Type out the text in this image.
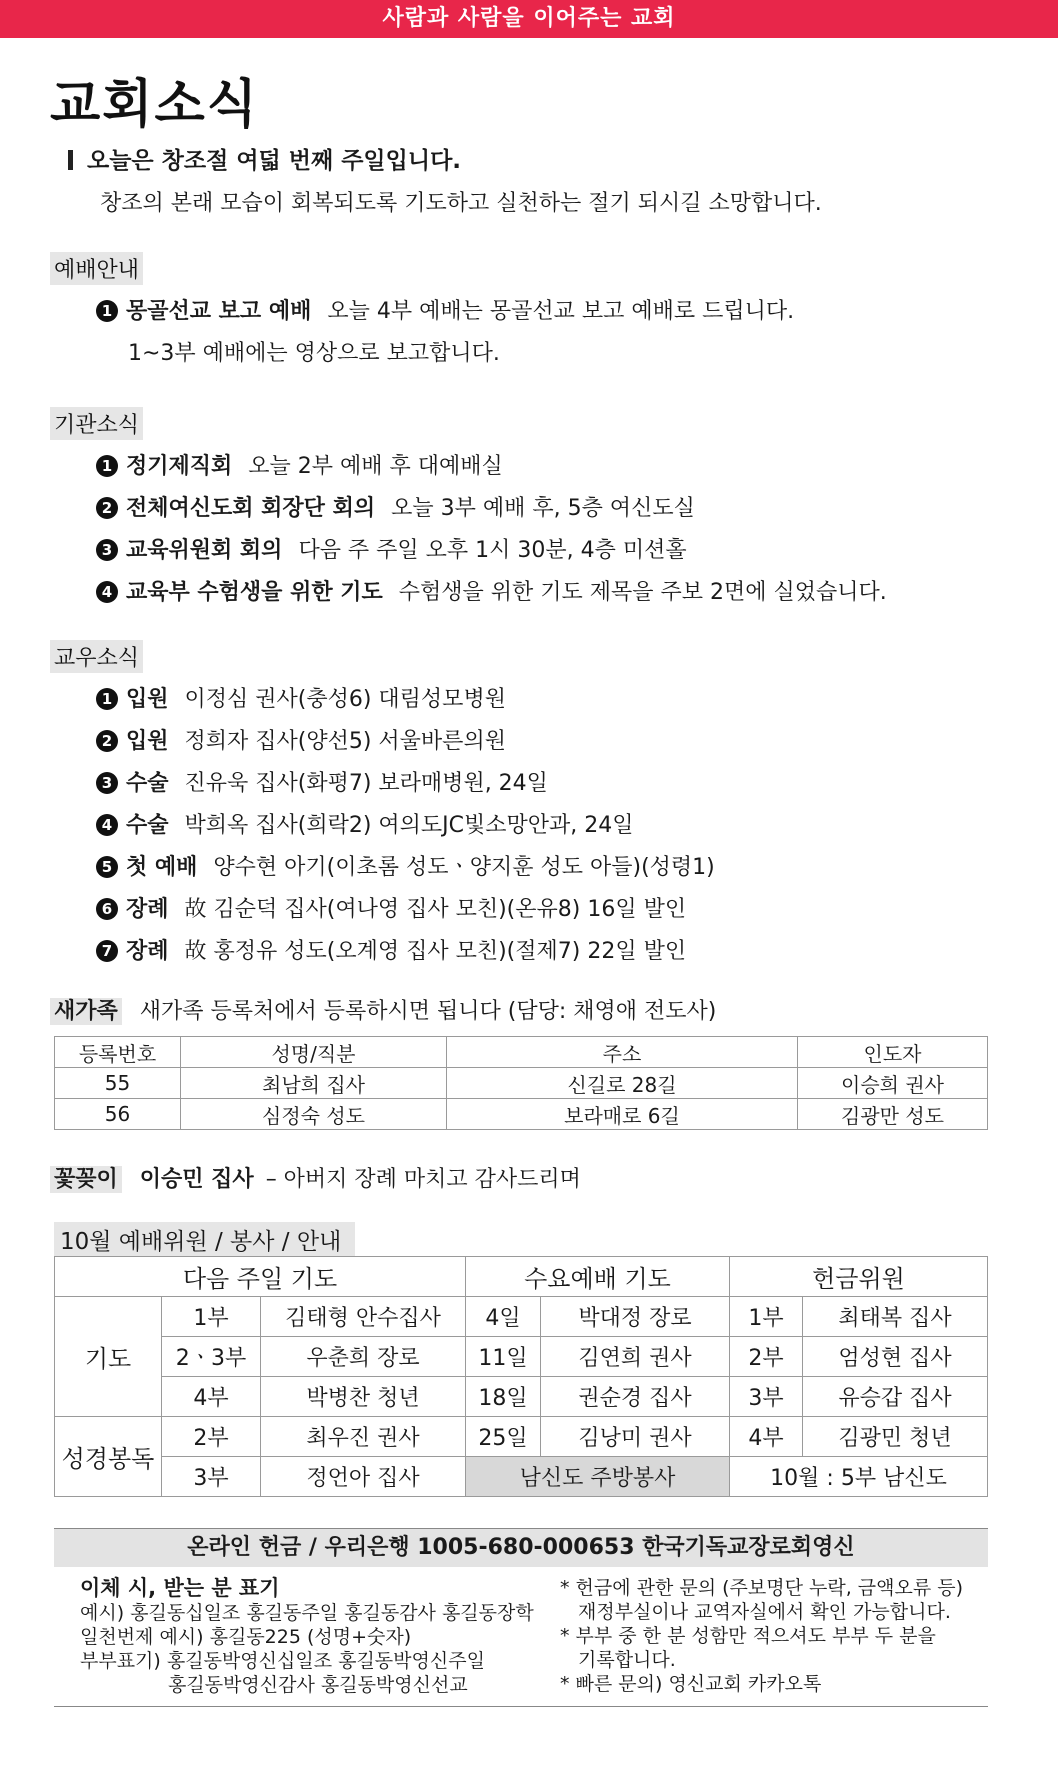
사람과 사람을 이어주는 교회
교회소식
오늘은 창조절 여덟 번째 주일입니다.
창조의 본래 모습이 회복되도록 기도하고 실천하는 절기 되시길 소망합니다.
예배안내
1 몽골선교 보고 예배 오늘 4부 예배는 몽골선교 보고 예배로 드립니다.
1~3부 예배에는 영상으로 보고합니다.
기관소식
1 정기제직회 오늘 2부 예배 후 대예배실
2 전체여신도회 회장단 회의 오늘 3부 예배 후, 5층 여신도실
3 교육위원회 회의 다음 주 주일 오후 1시 30분, 4층 미션홀
4 교육부 수험생을 위한 기도 수험생을 위한 기도 제목을 주보 2면에 실었습니다.
교우소식
1 입원 이정심 권사(충성6) 대림성모병원
2 입원 정희자 집사(양선5) 서울바른의원
3 수술 진유욱 집사(화평7) 보라매병원, 24일
4 수술 박희옥 집사(희락2) 여의도JC빛소망안과, 24일
5 첫 예배 양수현 아기(이초롬 성도ㆍ양지훈 성도 아들)(성령1)
6 장례 故 김순덕 집사(여나영 집사 모친)(온유8) 16일 발인
7 장례 故 홍정유 성도(오계영 집사 모친)(절제7) 22일 발인
새가족 새가족 등록처에서 등록하시면 됩니다 (담당: 채영애 전도사)
등록번호	성명/직분	주소	인도자
55	최남희 집사	신길로 28길	이승희 권사
56	심정숙 성도	보라매로 6길	김광만 성도
꽃꽂이 이승민 집사 – 아버지 장례 마치고 감사드리며
10월 예배위원 / 봉사 / 안내
다음 주일 기도			수요예배 기도		헌금위원	
기도	1부	김태형 안수집사	4일	박대정 장로	1부	최태복 집사
	2ㆍ3부	우춘희 장로	11일	김연희 권사	2부	엄성현 집사
	4부	박병찬 청년	18일	권순경 집사	3부	유승갑 집사
성경봉독	2부	최우진 권사	25일	김낭미 권사	4부	김광민 청년
	3부	정언아 집사	남신도 주방봉사		10월 : 5부 남신도	
온라인 헌금 / 우리은행 1005-680-000653 한국기독교장로회영신
이체 시, 받는 분 표기
예시) 홍길동십일조 홍길동주일 홍길동감사 홍길동장학
일천번제 예시) 홍길동225 (성명+숫자)
부부표기) 홍길동박영신십일조 홍길동박영신주일
홍길동박영신감사 홍길동박영신선교
* 헌금에 관한 문의 (주보명단 누락, 금액오류 등)
재정부실이나 교역자실에서 확인 가능합니다.
* 부부 중 한 분 성함만 적으셔도 부부 두 분을
기록합니다.
* 빠른 문의) 영신교회 카카오톡
